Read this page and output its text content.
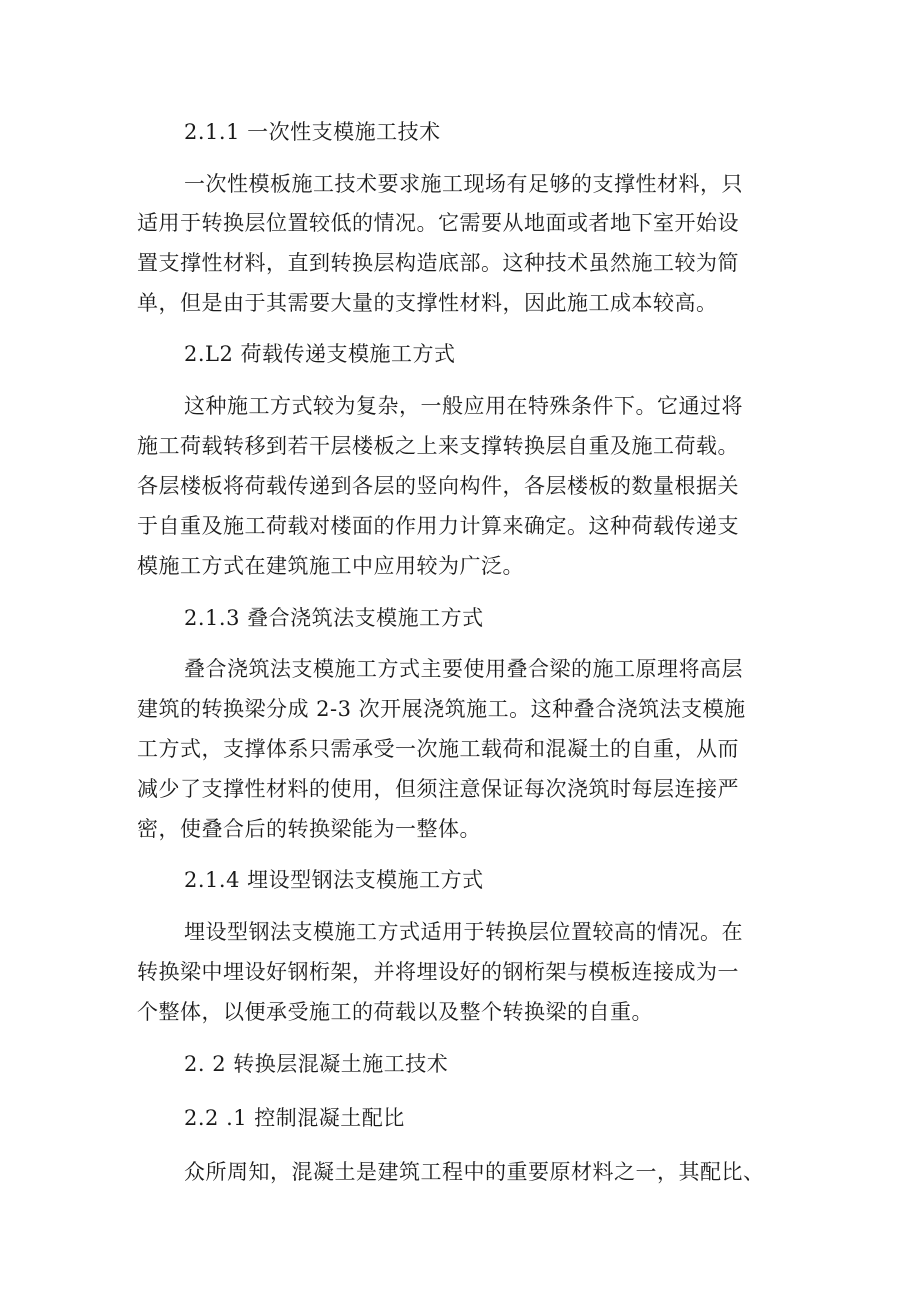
2.1.1 一次性支模施工技术
一次性模板施工技术要求施工现场有足够的支撑性材料，只
适用于转换层位置较低的情况。它需要从地面或者地下室开始设
置支撑性材料，直到转换层构造底部。这种技术虽然施工较为简
单，但是由于其需要大量的支撑性材料，因此施工成本较高。
2.L2 荷载传递支模施工方式
这种施工方式较为复杂，一般应用在特殊条件下。它通过将
施工荷载转移到若干层楼板之上来支撑转换层自重及施工荷载。
各层楼板将荷载传递到各层的竖向构件，各层楼板的数量根据关
于自重及施工荷载对楼面的作用力计算来确定。这种荷载传递支
模施工方式在建筑施工中应用较为广泛。
2.1.3 叠合浇筑法支模施工方式
叠合浇筑法支模施工方式主要使用叠合梁的施工原理将高层
建筑的转换梁分成 2-3 次开展浇筑施工。这种叠合浇筑法支模施
工方式，支撑体系只需承受一次施工载荷和混凝土的自重，从而
减少了支撑性材料的使用，但须注意保证每次浇筑时每层连接严
密，使叠合后的转换梁能为一整体。
2.1.4 埋设型钢法支模施工方式
埋设型钢法支模施工方式适用于转换层位置较高的情况。在
转换梁中埋设好钢桁架，并将埋设好的钢桁架与模板连接成为一
个整体，以便承受施工的荷载以及整个转换梁的自重。
2. 2 转换层混凝土施工技术
2.2 .1 控制混凝土配比
众所周知，混凝土是建筑工程中的重要原材料之一，其配比、
